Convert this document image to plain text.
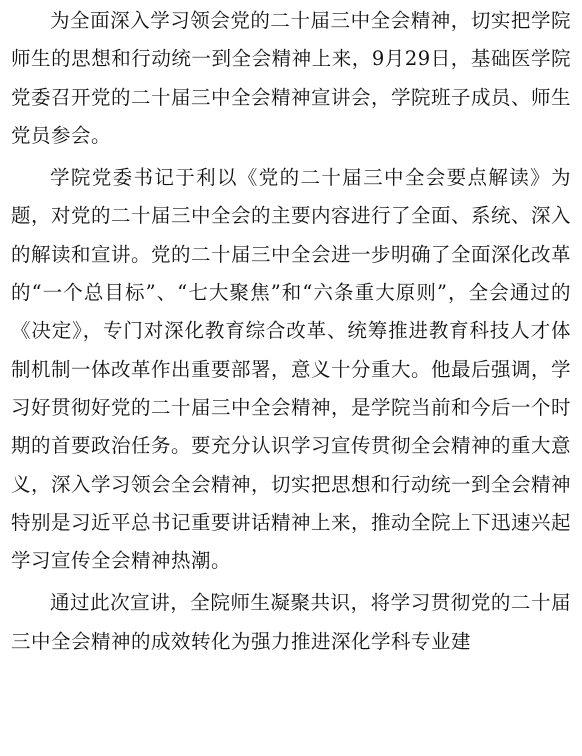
为全面深入学习领会党的二十届三中全会精神，切实把学院师生的思想和行动统一到全会精神上来，9月29日，基础医学院党委召开党的二十届三中全会精神宣讲会，学院班子成员、师生党员参会。

学院党委书记于利以《党的二十届三中全会要点解读》为题，对党的二十届三中全会的主要内容进行了全面、系统、深入的解读和宣讲。党的二十届三中全会进一步明确了全面深化改革的“一个总目标”、“七大聚焦”和“六条重大原则”，全会通过的《决定》，专门对深化教育综合改革、统筹推进教育科技人才体制机制一体改革作出重要部署，意义十分重大。他最后强调，学习好贯彻好党的二十届三中全会精神，是学院当前和今后一个时期的首要政治任务。要充分认识学习宣传贯彻全会精神的重大意义，深入学习领会全会精神，切实把思想和行动统一到全会精神特别是习近平总书记重要讲话精神上来，推动全院上下迅速兴起学习宣传全会精神热潮。

通过此次宣讲，全院师生凝聚共识，将学习贯彻党的二十届三中全会精神的成效转化为强力推进深化学科专业建
